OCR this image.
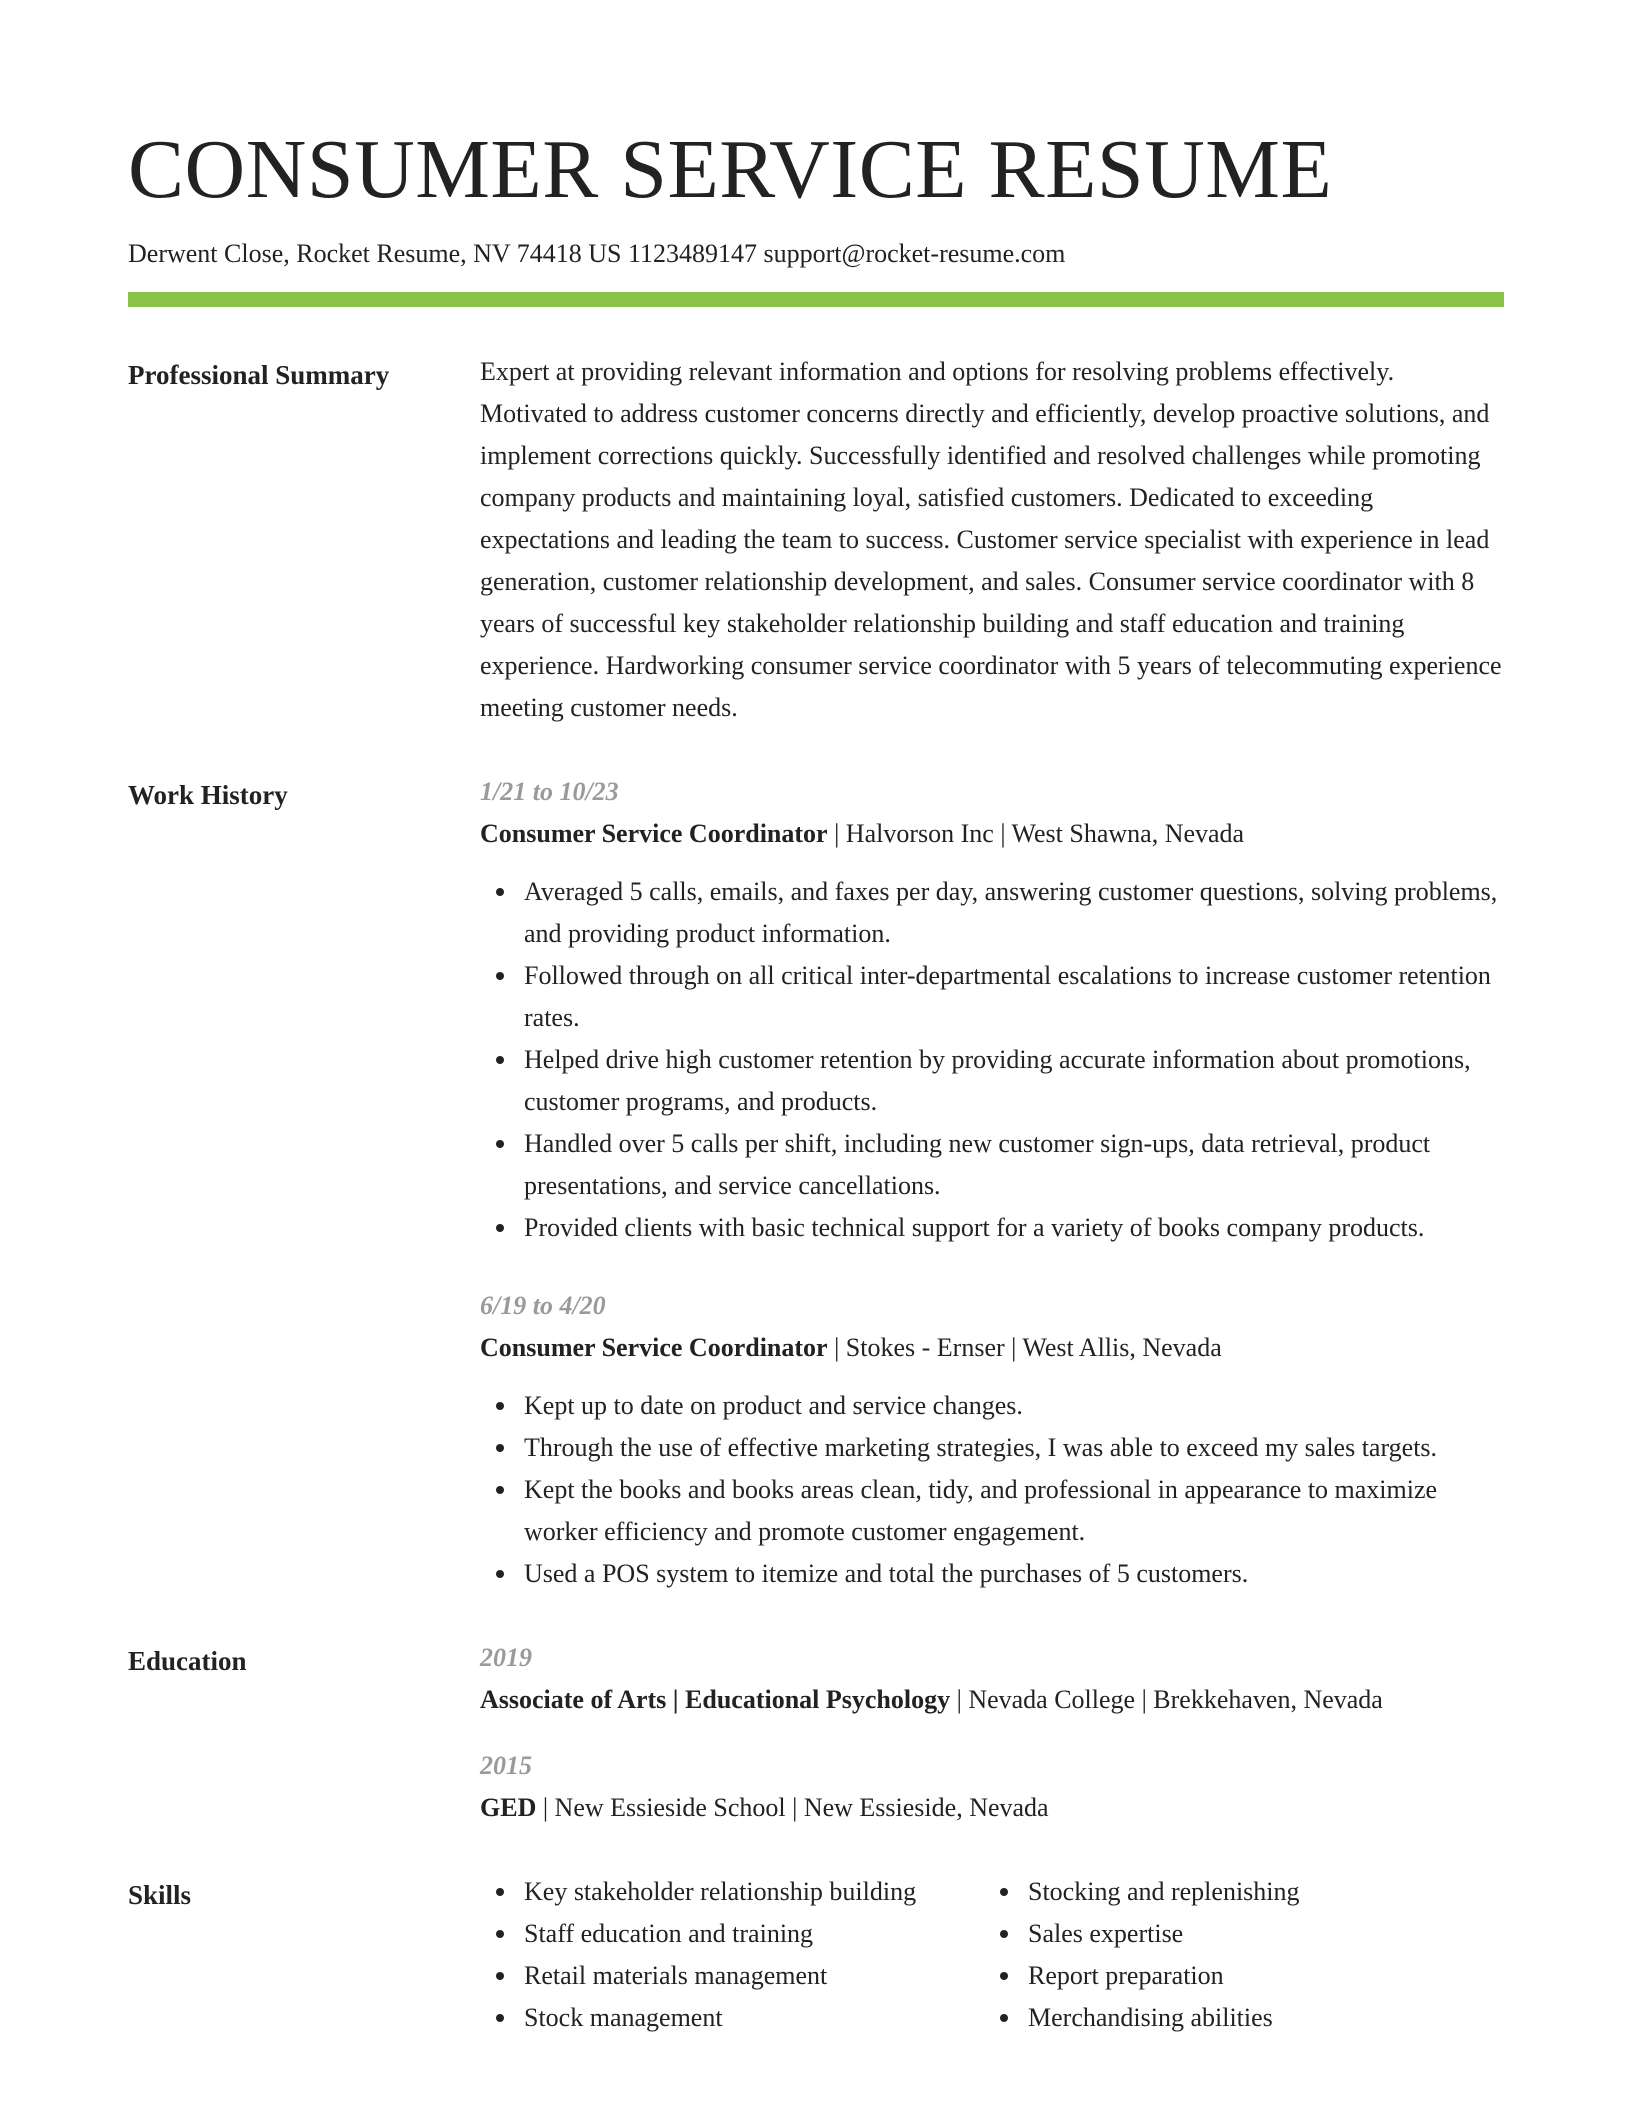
CONSUMER SERVICE RESUME
Derwent Close, Rocket Resume, NV 74418 US 1123489147 support@rocket-resume.com
Professional Summary	Expert at providing relevant information and options for resolving problems effectively. Motivated to address customer concerns directly and efficiently, develop proactive solutions, and implement corrections quickly. Successfully identified and resolved challenges while promoting company products and maintaining loyal, satisfied customers. Dedicated to exceeding expectations and leading the team to success. Customer service specialist with experience in lead generation, customer relationship development, and sales. Consumer service coordinator with 8 years of successful key stakeholder relationship building and staff education and training experience. Hardworking consumer service coordinator with 5 years of telecommuting experience meeting customer needs.

Work History	1/21 to 10/23
Consumer Service Coordinator | Halvorson Inc | West Shawna, Nevada
Averaged 5 calls, emails, and faxes per day, answering customer questions, solving problems, and providing product information.
Followed through on all critical inter-departmental escalations to increase customer retention rates.
Helped drive high customer retention by providing accurate information about promotions, customer programs, and products.
Handled over 5 calls per shift, including new customer sign-ups, data retrieval, product presentations, and service cancellations.
Provided clients with basic technical support for a variety of books company products.
6/19 to 4/20
Consumer Service Coordinator | Stokes - Ernser | West Allis, Nevada
Kept up to date on product and service changes.
Through the use of effective marketing strategies, I was able to exceed my sales targets.
Kept the books and books areas clean, tidy, and professional in appearance to maximize worker efficiency and promote customer engagement.
Used a POS system to itemize and total the purchases of 5 customers.
Education	2019
Associate of Arts | Educational Psychology | Nevada College | Brekkehaven, Nevada
2015
GED | New Essieside School | New Essieside, Nevada
Skills	Key stakeholder relationship building
Staff education and training
Retail materials management
Stock management
Stocking and replenishing
Sales expertise
Report preparation
Merchandising abilities
